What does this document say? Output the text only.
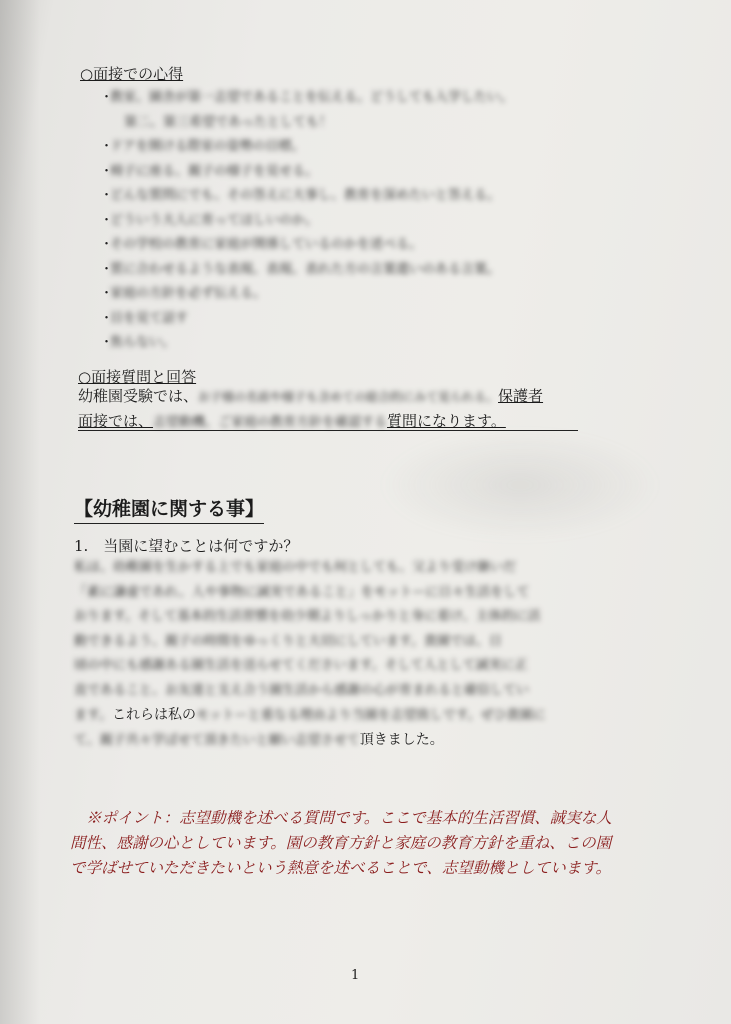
○面接での心得
・教室、園舎が第一志望であることを伝える。どうしても入学したい。
第二、第三希望であったとしても！
・ドアを開ける際室の姿勢の目標。
・椅子に座る、親子の様子を見せる。
・どんな質問にでも、その答えに大事し、教育を深めたいと答える。
・どういう大人に育ってほしいのか。
・その学校の教育に家庭が関係しているのかを述べる。
・質に合わせるような表現、表現、表れた方の言葉遣いのある言葉。
・家庭の方針を必ず伝える。
・目を見て話す
・焦らない。
○面接質問と回答
幼稚園受験では、お子様の名前や様子も含めての総合的にみて見られる。保護者
面接では、志望動機、ご家庭の教育方針を確認する質問になります。
【幼稚園に関する事】
1.　当園に望むことは何ですか？
私は、幼稚園を生かする上でも家庭の中でも何としても、父より受け継いだ
「素に謙虚であれ、人や事物に誠実であること」をモットーに日々生活をして
おります。そして基本的生活習慣を幼少期よりしっかりと身に着け、主体的に活
動できるよう、親子の時間をゆっくりと大切にしています。貴園では、日
頃の中にも感謝ある園生活を送らせてくださいます。そして人として誠実に正
直であること、お友達と支え合う園生活から感謝の心が育まれると確信してい
ます。これらは私のモットーと重なる理由より当園を志望致しです。ぜひ貴園に
て、親子共々学ばせて頂きたいと願い志望させて頂きました。

※ポイント：志望動機を述べる質問です。ここで基本的生活習慣、誠実な人

間性、感謝の心としています。園の教育方針と家庭の教育方針を重ね、この園

で学ばせていただきたいという熱意を述べることで、志望動機としています。

1
